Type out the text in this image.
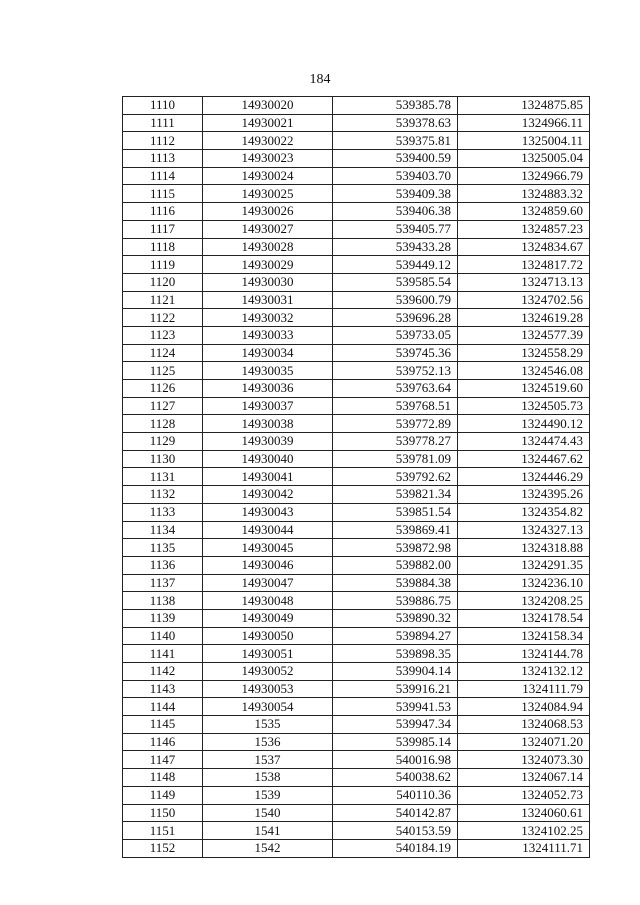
184
1110	14930020	539385.78	1324875.85
1111	14930021	539378.63	1324966.11
1112	14930022	539375.81	1325004.11
1113	14930023	539400.59	1325005.04
1114	14930024	539403.70	1324966.79
1115	14930025	539409.38	1324883.32
1116	14930026	539406.38	1324859.60
1117	14930027	539405.77	1324857.23
1118	14930028	539433.28	1324834.67
1119	14930029	539449.12	1324817.72
1120	14930030	539585.54	1324713.13
1121	14930031	539600.79	1324702.56
1122	14930032	539696.28	1324619.28
1123	14930033	539733.05	1324577.39
1124	14930034	539745.36	1324558.29
1125	14930035	539752.13	1324546.08
1126	14930036	539763.64	1324519.60
1127	14930037	539768.51	1324505.73
1128	14930038	539772.89	1324490.12
1129	14930039	539778.27	1324474.43
1130	14930040	539781.09	1324467.62
1131	14930041	539792.62	1324446.29
1132	14930042	539821.34	1324395.26
1133	14930043	539851.54	1324354.82
1134	14930044	539869.41	1324327.13
1135	14930045	539872.98	1324318.88
1136	14930046	539882.00	1324291.35
1137	14930047	539884.38	1324236.10
1138	14930048	539886.75	1324208.25
1139	14930049	539890.32	1324178.54
1140	14930050	539894.27	1324158.34
1141	14930051	539898.35	1324144.78
1142	14930052	539904.14	1324132.12
1143	14930053	539916.21	1324111.79
1144	14930054	539941.53	1324084.94
1145	1535	539947.34	1324068.53
1146	1536	539985.14	1324071.20
1147	1537	540016.98	1324073.30
1148	1538	540038.62	1324067.14
1149	1539	540110.36	1324052.73
1150	1540	540142.87	1324060.61
1151	1541	540153.59	1324102.25
1152	1542	540184.19	1324111.71
